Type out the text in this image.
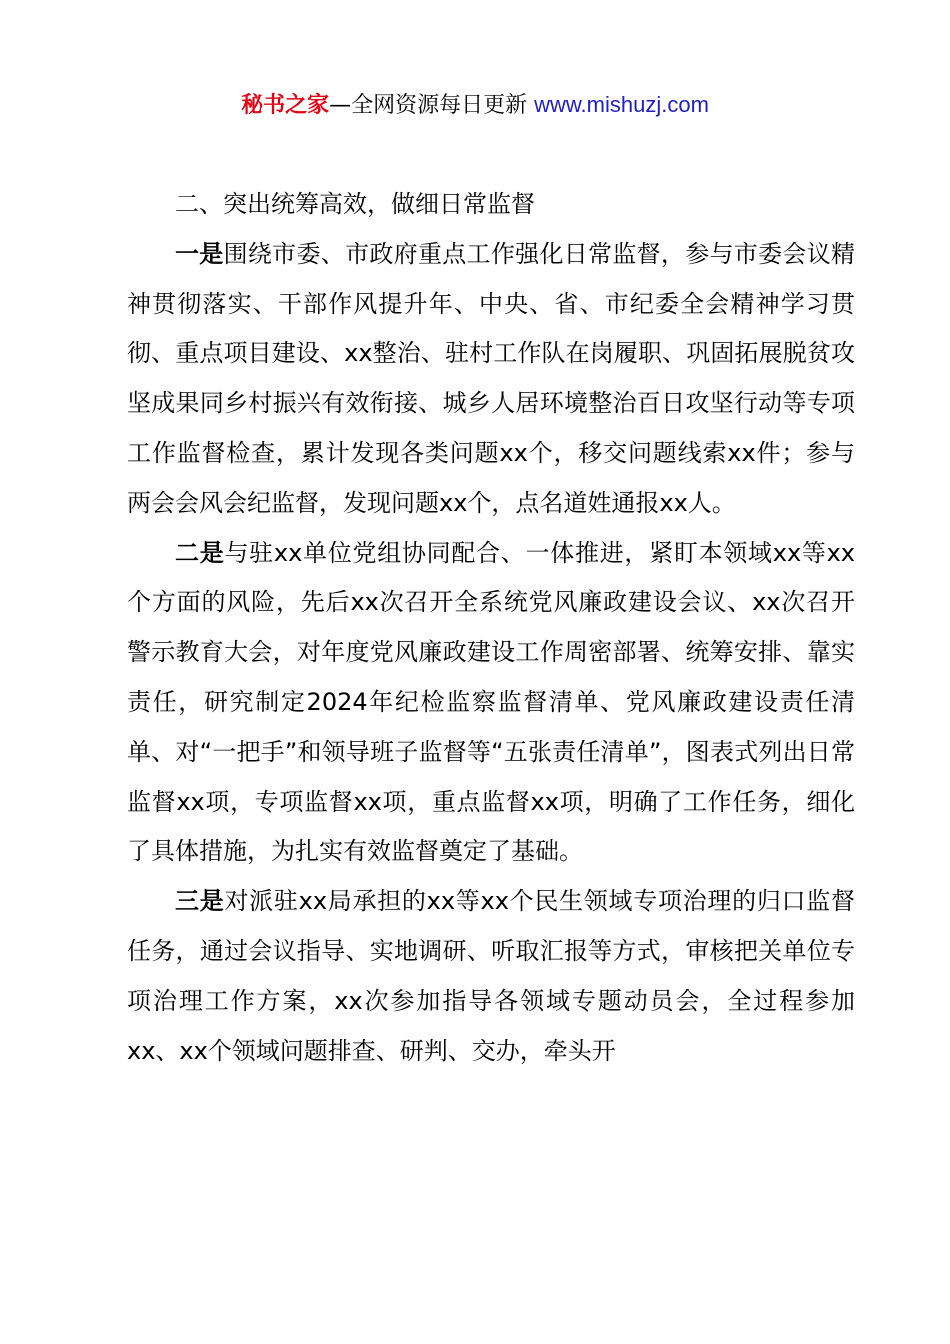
秘书之家—全网资源每日更新 www.mishuzj.com

二、突出统筹高效，做细日常监督

一是围绕市委、市政府重点工作强化日常监督，参与市委会议精神贯彻落实、干部作风提升年、中央、省、市纪委全会精神学习贯彻、重点项目建设、xx整治、驻村工作队在岗履职、巩固拓展脱贫攻坚成果同乡村振兴有效衔接、城乡人居环境整治百日攻坚行动等专项工作监督检查，累计发现各类问题xx个，移交问题线索xx件；参与两会会风会纪监督，发现问题xx个，点名道姓通报xx人。

二是与驻xx单位党组协同配合、一体推进，紧盯本领域xx等xx个方面的风险，先后xx次召开全系统党风廉政建设会议、xx次召开警示教育大会，对年度党风廉政建设工作周密部署、统筹安排、靠实责任，研究制定2024年纪检监察监督清单、党风廉政建设责任清单、对“一把手”和领导班子监督等“五张责任清单”，图表式列出日常监督xx项，专项监督xx项，重点监督xx项，明确了工作任务，细化了具体措施，为扎实有效监督奠定了基础。

三是对派驻xx局承担的xx等xx个民生领域专项治理的归口监督任务，通过会议指导、实地调研、听取汇报等方式，审核把关单位专项治理工作方案，xx次参加指导各领域专题动员会，全过程参加xx、xx个领域问题排查、研判、交办，牵头开
